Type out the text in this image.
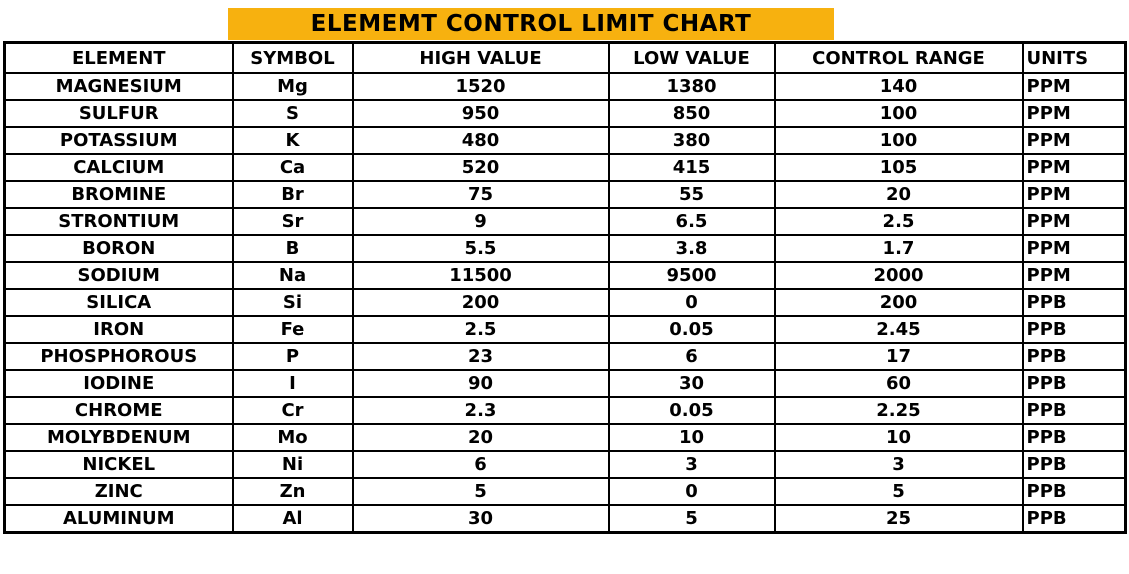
ELEMEMT CONTROL LIMIT CHART
ELEMENT	SYMBOL	HIGH VALUE	LOW VALUE	CONTROL RANGE	UNITS
MAGNESIUM	Mg	1520	1380	140	PPM
SULFUR	S	950	850	100	PPM
POTASSIUM	K	480	380	100	PPM
CALCIUM	Ca	520	415	105	PPM
BROMINE	Br	75	55	20	PPM
STRONTIUM	Sr	9	6.5	2.5	PPM
BORON	B	5.5	3.8	1.7	PPM
SODIUM	Na	11500	9500	2000	PPM
SILICA	Si	200	0	200	PPB
IRON	Fe	2.5	0.05	2.45	PPB
PHOSPHOROUS	P	23	6	17	PPB
IODINE	I	90	30	60	PPB
CHROME	Cr	2.3	0.05	2.25	PPB
MOLYBDENUM	Mo	20	10	10	PPB
NICKEL	Ni	6	3	3	PPB
ZINC	Zn	5	0	5	PPB
ALUMINUM	Al	30	5	25	PPB
